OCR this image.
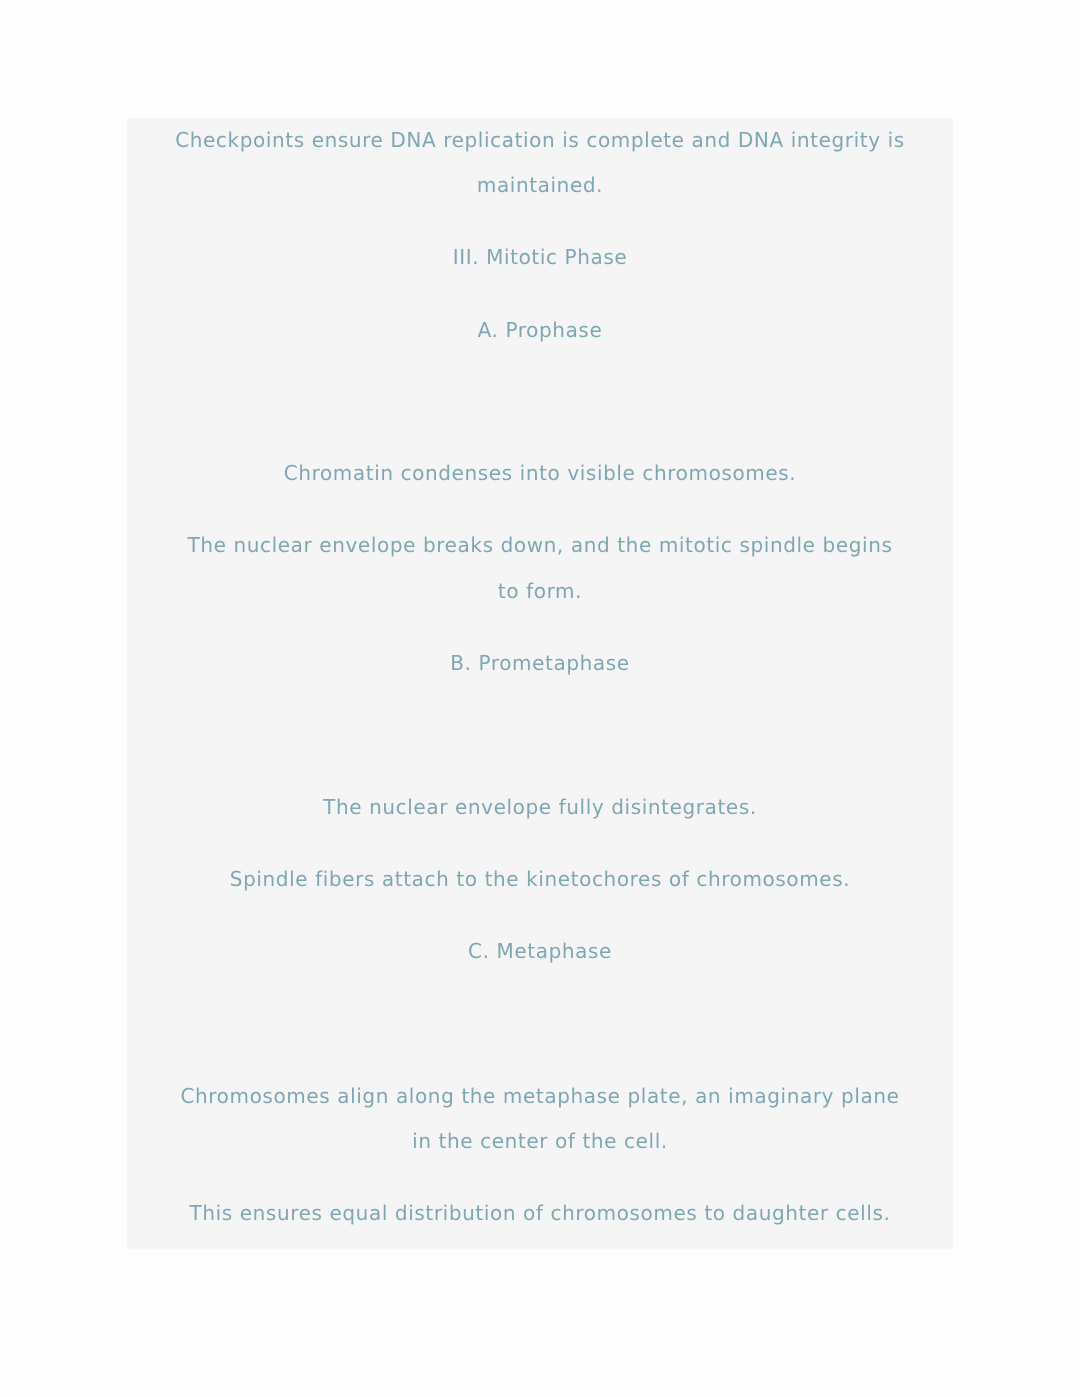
Checkpoints ensure DNA replication is complete and DNA integrity is
maintained.
III. Mitotic Phase
A. Prophase
Chromatin condenses into visible chromosomes.
The nuclear envelope breaks down, and the mitotic spindle begins
to form.
B. Prometaphase
The nuclear envelope fully disintegrates.
Spindle fibers attach to the kinetochores of chromosomes.
C. Metaphase
Chromosomes align along the metaphase plate, an imaginary plane
in the center of the cell.
This ensures equal distribution of chromosomes to daughter cells.
